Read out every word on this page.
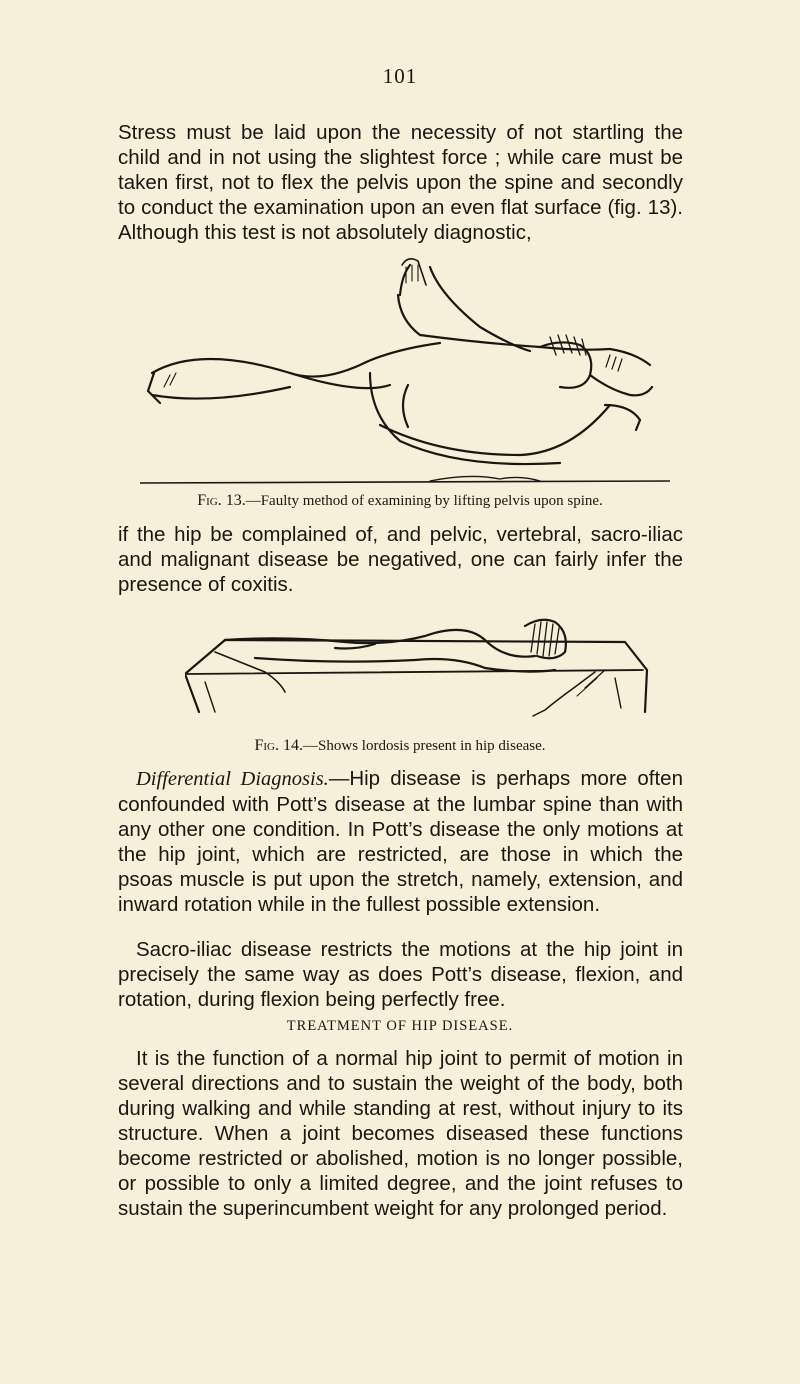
101

Stress must be laid upon the necessity of not startling the child and in not using the slightest force ; while care must be taken first, not to flex the pelvis upon the spine and secondly to conduct the examination upon an even flat surface (fig. 13). Although this test is not absolutely diagnostic,

Fig. 13.—Faulty method of examining by lifting pelvis upon spine.

if the hip be complained of, and pelvic, vertebral, sacro-iliac and malignant disease be negatived, one can fairly infer the presence of coxitis.

Fig. 14.—Shows lordosis present in hip disease.

Differential Diagnosis.—Hip disease is perhaps more often confounded with Pott’s disease at the lumbar spine than with any other one condition. In Pott’s disease the only motions at the hip joint, which are restricted, are those in which the psoas muscle is put upon the stretch, namely, extension, and inward rotation while in the fullest possible extension.

Sacro-iliac disease restricts the motions at the hip joint in precisely the same way as does Pott’s disease, flexion, and rotation, during flexion being perfectly free.

TREATMENT OF HIP DISEASE.

It is the function of a normal hip joint to permit of motion in several directions and to sustain the weight of the body, both during walking and while standing at rest, without injury to its structure. When a joint becomes diseased these functions become restricted or abolished, motion is no longer possible, or possible to only a limited degree, and the joint refuses to sustain the superincumbent weight for any prolonged period.
